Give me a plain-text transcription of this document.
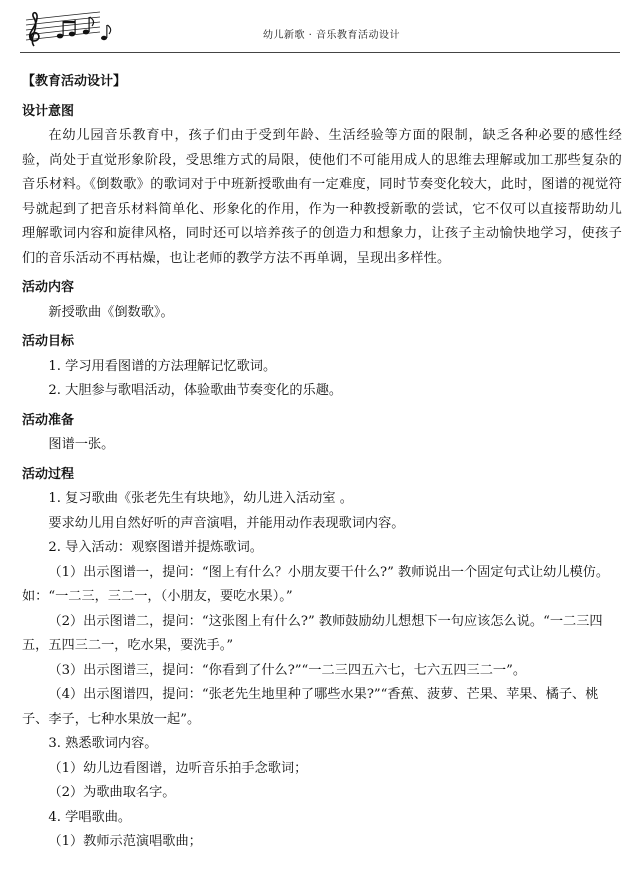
幼儿新歌 · 音乐教育活动设计
【教育活动设计】
设计意图
在幼儿园音乐教育中，孩子们由于受到年龄、生活经验等方面的限制，缺乏各种必要的感性经验，尚处于直觉形象阶段，受思维方式的局限，使他们不可能用成人的思维去理解或加工那些复杂的音乐材料。《倒数歌》的歌词对于中班新授歌曲有一定难度，同时节奏变化较大，此时，图谱的视觉符号就起到了把音乐材料简单化、形象化的作用，作为一种教授新歌的尝试，它不仅可以直接帮助幼儿理解歌词内容和旋律风格，同时还可以培养孩子的创造力和想象力，让孩子主动愉快地学习，使孩子们的音乐活动不再枯燥，也让老师的教学方法不再单调，呈现出多样性。
活动内容
新授歌曲《倒数歌》。
活动目标
1. 学习用看图谱的方法理解记忆歌词。
2. 大胆参与歌唱活动，体验歌曲节奏变化的乐趣。
活动准备
图谱一张。
活动过程
1. 复习歌曲《张老先生有块地》，幼儿进入活动室 。
要求幼儿用自然好听的声音演唱，并能用动作表现歌词内容。
2. 导入活动：观察图谱并提炼歌词。
（1）出示图谱一，提问：“图上有什么？小朋友要干什么?” 教师说出一个固定句式让幼儿模仿。如：“一二三，三二一，（小朋友，要吃水果）。”
（2）出示图谱二，提问：“这张图上有什么?” 教师鼓励幼儿想想下一句应该怎么说。“一二三四五，五四三二一，吃水果，要洗手。”
（3）出示图谱三，提问：“你看到了什么?”“一二三四五六七，七六五四三二一”。
（4）出示图谱四，提问：“张老先生地里种了哪些水果?”“香蕉、菠萝、芒果、苹果、橘子、桃子、李子，七种水果放一起”。
3. 熟悉歌词内容。
（1）幼儿边看图谱，边听音乐拍手念歌词；
（2）为歌曲取名字。
4. 学唱歌曲。
（1）教师示范演唱歌曲；
